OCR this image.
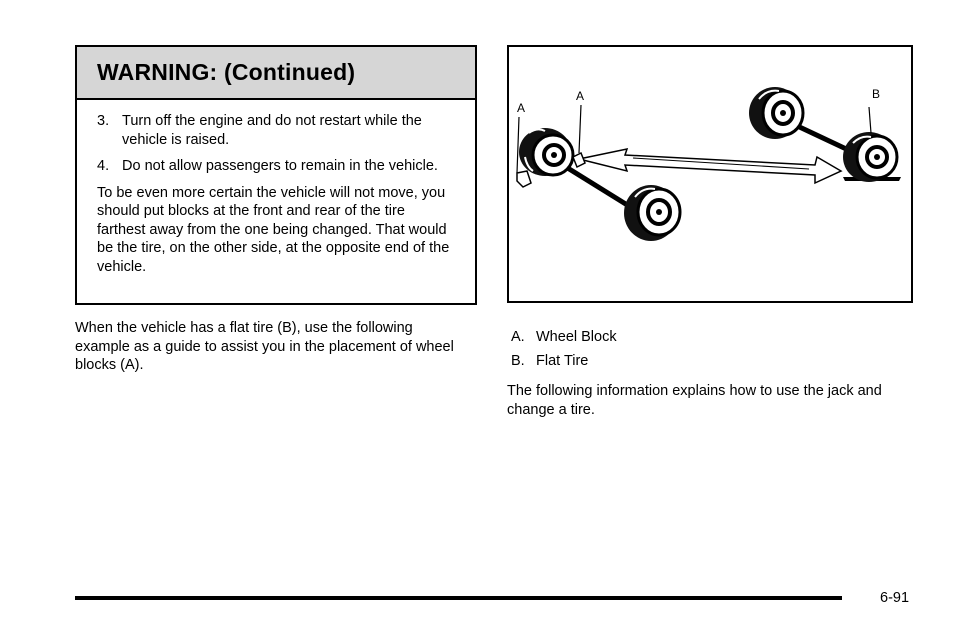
WARNING: (Continued)
3. Turn off the engine and do not restart while the vehicle is raised.
4. Do not allow passengers to remain in the vehicle.
To be even more certain the vehicle will not move, you should put blocks at the front and rear of the tire farthest away from the one being changed. That would be the tire, on the other side, at the opposite end of the vehicle.
When the vehicle has a flat tire (B), use the following example as a guide to assist you in the placement of wheel blocks (A).
A
A	B
A. Wheel Block
B. Flat Tire
The following information explains how to use the jack and change a tire.
6-91
